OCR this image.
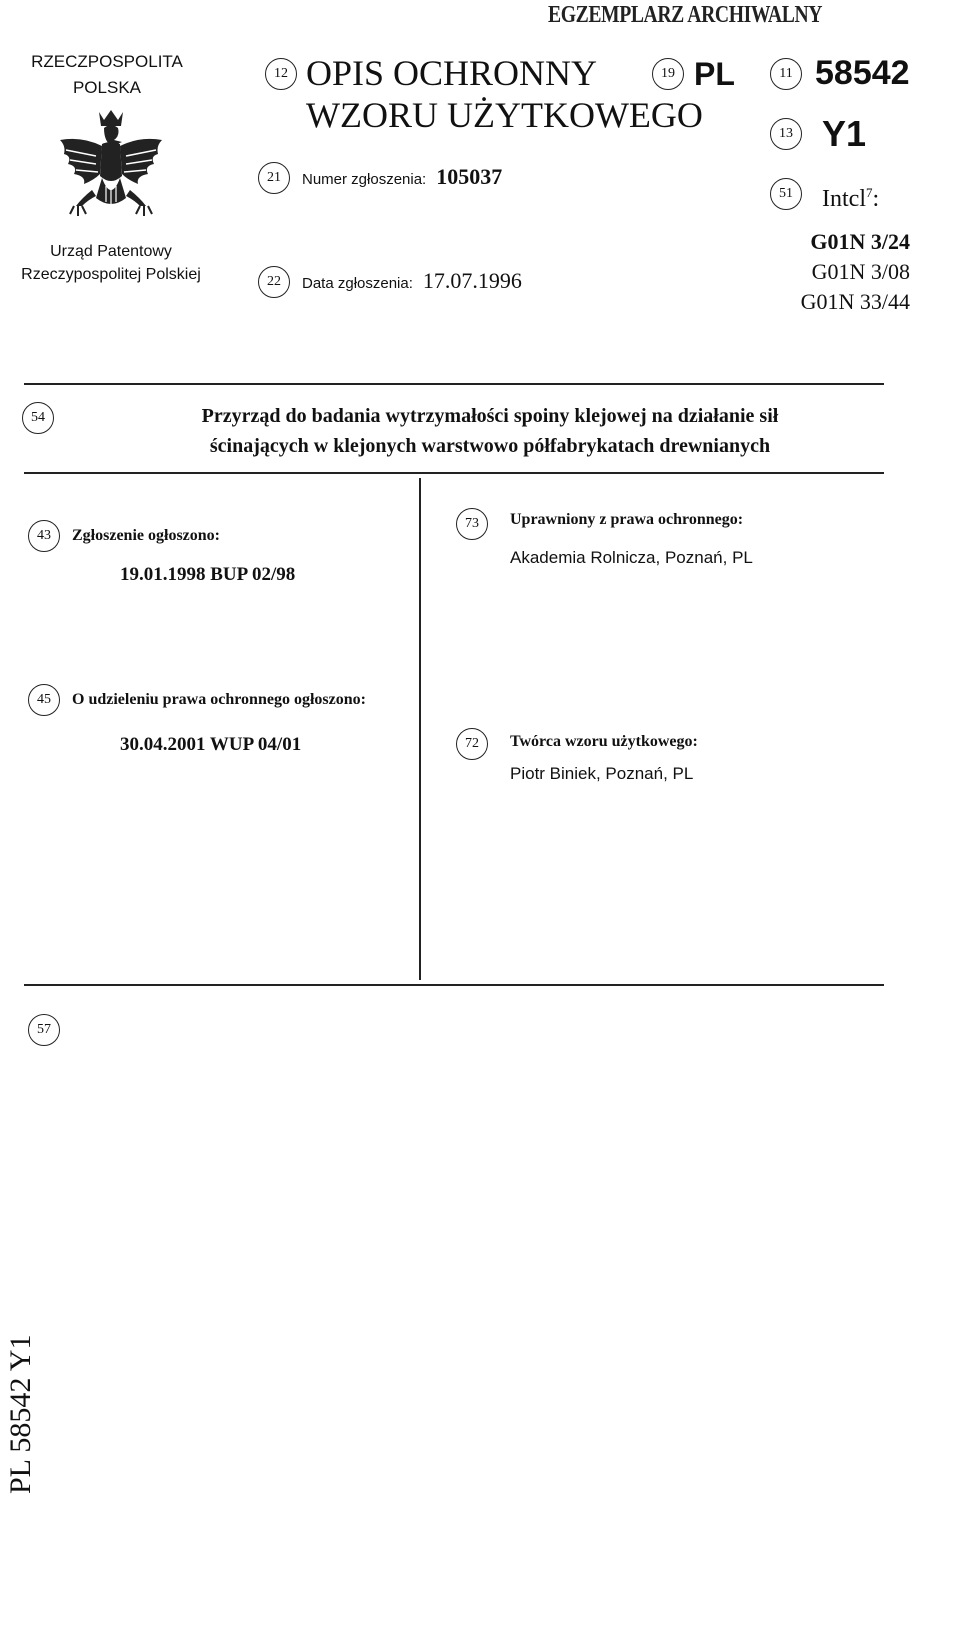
EGZEMPLARZ ARCHIWALNY
RZECZPOSPOLITA
POLSKA
Urząd Patentowy
Rzeczypospolitej Polskiej
12 OPIS OCHRONNY
WZORU UŻYTKOWEGO
19 PL	11 58542
13 Y1
21	Numer zgłoszenia: 105037
51	Intcl$^7$:
G01N 3/24
G01N 3/08
G01N 33/44
22	Data zgłoszenia: 17.07.1996
54	Przyrząd do badania wytrzymałości spoiny klejowej na działanie sił
ścinających w klejonych warstwowo półfabrykatach drewnianych
43	Zgłoszenie ogłoszono:
19.01.1998 BUP 02/98
73	Uprawniony z prawa ochronnego:
Akademia Rolnicza, Poznań, PL
45	O udzieleniu prawa ochronnego ogłoszono:
30.04.2001 WUP 04/01	72	Twórca wzoru użytkowego:
Piotr Biniek, Poznań, PL
57
PL 58542 Y1
